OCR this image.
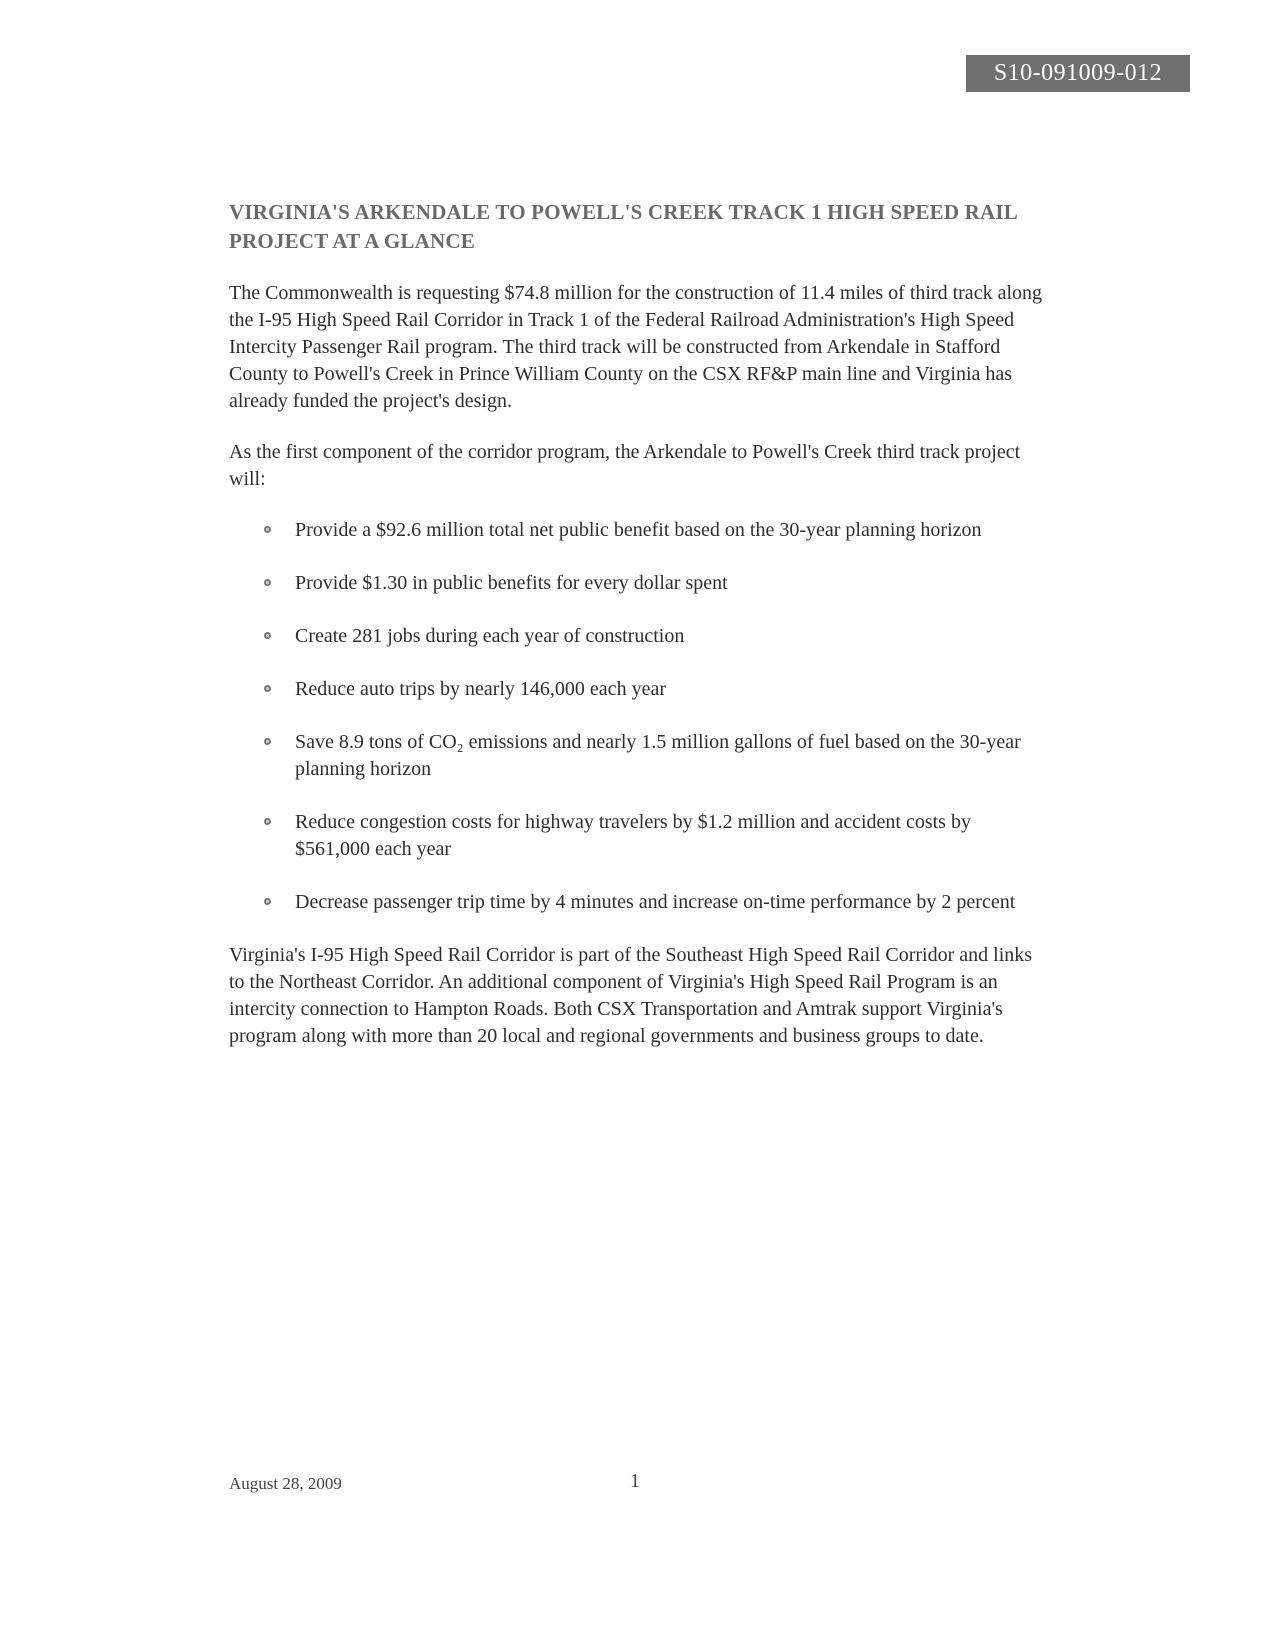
S10-091009-012
VIRGINIA'S ARKENDALE TO POWELL'S CREEK TRACK 1 HIGH SPEED RAIL PROJECT AT A GLANCE

The Commonwealth is requesting $74.8 million for the construction of 11.4 miles of third track along the I-95 High Speed Rail Corridor in Track 1 of the Federal Railroad Administration's High Speed Intercity Passenger Rail program. The third track will be constructed from Arkendale in Stafford County to Powell's Creek in Prince William County on the CSX RF&P main line and Virginia has already funded the project's design.

As the first component of the corridor program, the Arkendale to Powell's Creek third track project will:

Provide a $92.6 million total net public benefit based on the 30-year planning horizon
Provide $1.30 in public benefits for every dollar spent
Create 281 jobs during each year of construction
Reduce auto trips by nearly 146,000 each year
Save 8.9 tons of CO₂ emissions and nearly 1.5 million gallons of fuel based on the 30-year planning horizon
Reduce congestion costs for highway travelers by $1.2 million and accident costs by $561,000 each year
Decrease passenger trip time by 4 minutes and increase on-time performance by 2 percent

Virginia's I-95 High Speed Rail Corridor is part of the Southeast High Speed Rail Corridor and links to the Northeast Corridor. An additional component of Virginia's High Speed Rail Program is an intercity connection to Hampton Roads. Both CSX Transportation and Amtrak support Virginia's program along with more than 20 local and regional governments and business groups to date.

August 28, 2009	1
